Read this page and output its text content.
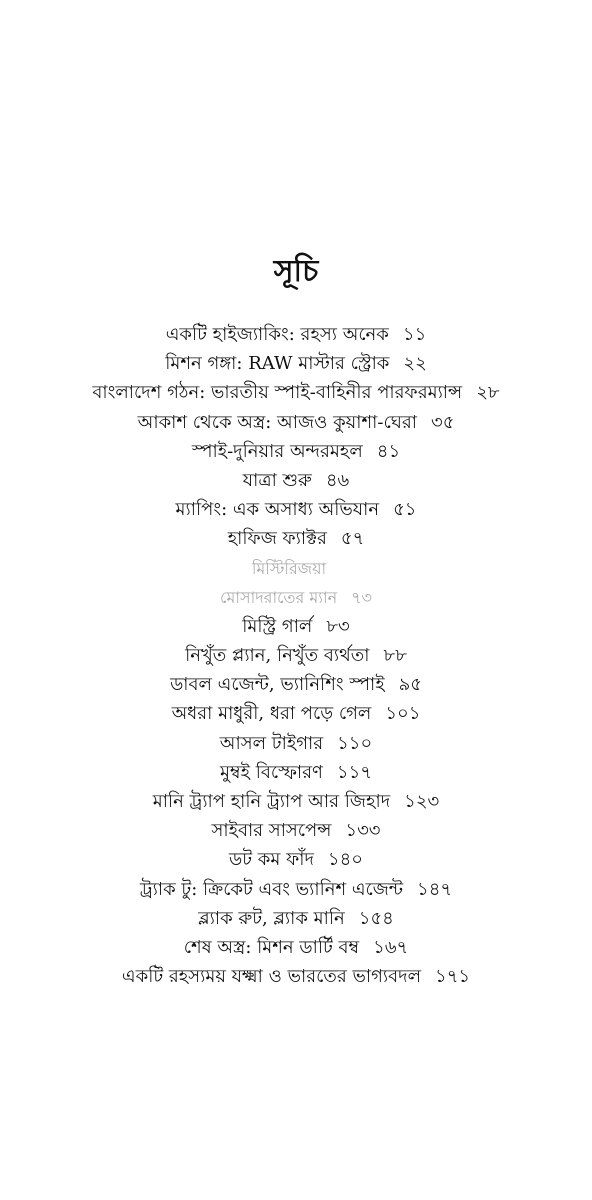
সূচি
একটি হাইজ্যাকিং: রহস্য অনেক ১১
মিশন গঙ্গা: RAW মাস্টার স্ট্রোক ২২
বাংলাদেশ গঠন: ভারতীয় স্পাই-বাহিনীর পারফরম্যান্স ২৮
আকাশ থেকে অস্ত্র: আজও কুয়াশা-ঘেরা ৩৫
স্পাই-দুনিয়ার অন্দরমহল ৪১
যাত্রা শুরু ৪৬
ম্যাপিং: এক অসাধ্য অভিযান ৫১
হাফিজ ফ্যাক্টর ৫৭
মিস্টিরিজয়া
মোসাদরাতের ম্যান ৭৩
মিস্ট্রি গার্ল ৮৩
নিখুঁত প্ল্যান, নিখুঁত ব্যর্থতা ৮৮
ডাবল এজেন্ট, ভ্যানিশিং স্পাই ৯৫
অধরা মাধুরী, ধরা পড়ে গেল ১০১
আসল টাইগার ১১০
মুম্বই বিস্ফোরণ ১১৭
মানি ট্র্যাপ হানি ট্র্যাপ আর জিহাদ ১২৩
সাইবার সাসপেন্স ১৩৩
ডট কম ফাঁদ ১৪০
ট্র্যাক টু: ক্রিকেট এবং ভ্যানিশ এজেন্ট ১৪৭
ব্ল্যাক রুট, ব্ল্যাক মানি ১৫৪
শেষ অস্ত্র: মিশন ডার্টি বম্ব ১৬৭
একটি রহস্যময় যক্ষ্মা ও ভারতের ভাগ্যবদল ১৭১
